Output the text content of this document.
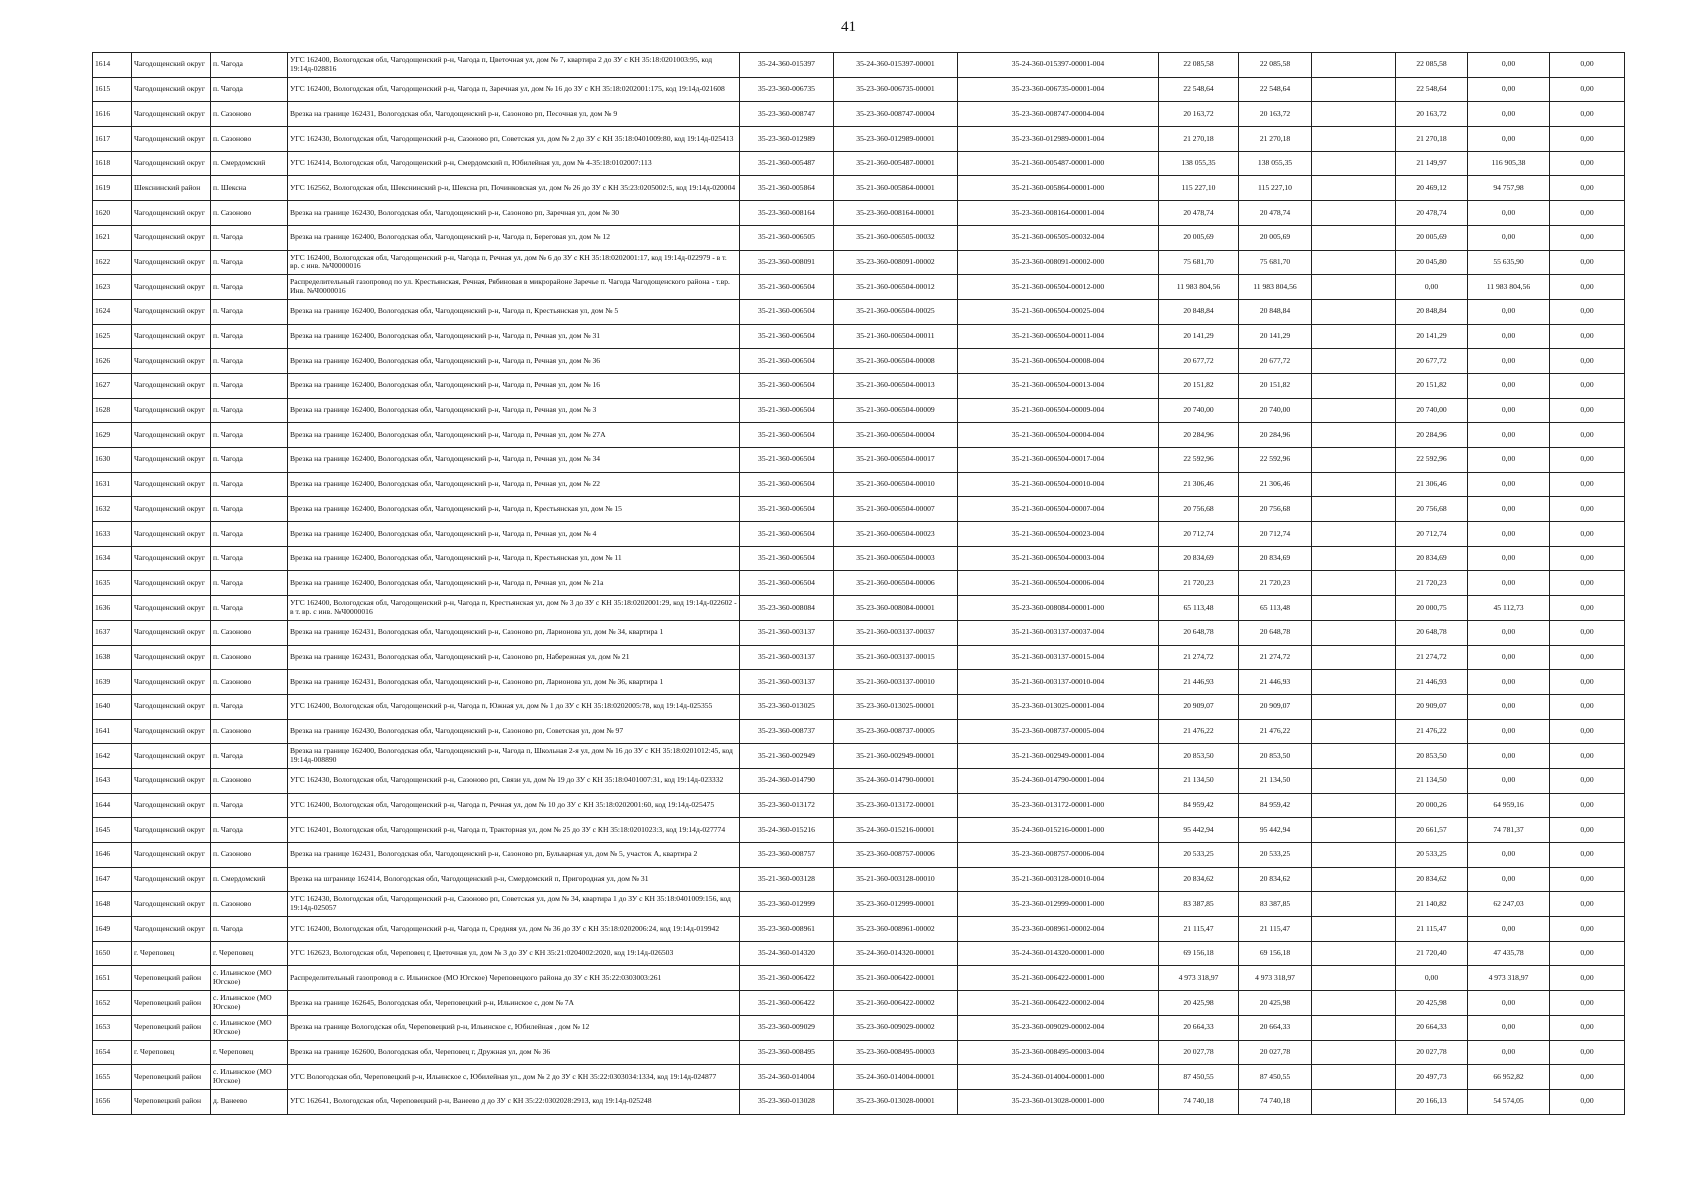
41
1614	Чагодощенский округ	п. Чагода	УГС 162400, Вологодская обл, Чагодощенский р-н, Чагода п, Цветочная ул, дом № 7, квартира 2 до ЗУ с КН 35:18:0201003:95, код 19:14д-028816	35-24-360-015397	35-24-360-015397-00001	35-24-360-015397-00001-004	22 085,58	22 085,58		22 085,58	0,00	0,00
1615	Чагодощенский округ	п. Чагода	УГС 162400, Вологодская обл, Чагодощенский р-н, Чагода п, Заречная ул, дом № 16 до ЗУ с КН 35:18:0202001:175, код 19:14д-021608	35-23-360-006735	35-23-360-006735-00001	35-23-360-006735-00001-004	22 548,64	22 548,64		22 548,64	0,00	0,00
1616	Чагодощенский округ	п. Сазоново	Врезка на границе 162431, Вологодская обл, Чагодощенский р-н, Сазоново рп, Песочная ул, дом № 9	35-23-360-008747	35-23-360-008747-00004	35-23-360-008747-00004-004	20 163,72	20 163,72		20 163,72	0,00	0,00
1617	Чагодощенский округ	п. Сазоново	УГС 162430, Вологодская обл, Чагодощенский р-н, Сазоново рп, Советская ул, дом № 2 до ЗУ с КН 35:18:0401009:80, код 19:14д-025413	35-23-360-012989	35-23-360-012989-00001	35-23-360-012989-00001-004	21 270,18	21 270,18		21 270,18	0,00	0,00
1618	Чагодощенский округ	п. Смердомский	УГС 162414, Вологодская обл, Чагодощенский р-н, Смердомский п, Юбилейная ул, дом № 4-35:18:0102007:113	35-21-360-005487	35-21-360-005487-00001	35-21-360-005487-00001-000	138 055,35	138 055,35		21 149,97	116 905,38	0,00
1619	Шекснинский район	п. Шексна	УГС 162562, Вологодская обл, Шекснинский р-н, Шексна рп, Починковская ул, дом № 26 до ЗУ с КН 35:23:0205002:5, код 19:14д-020004	35-21-360-005864	35-21-360-005864-00001	35-21-360-005864-00001-000	115 227,10	115 227,10		20 469,12	94 757,98	0,00
1620	Чагодощенский округ	п. Сазоново	Врезка на границе 162430, Вологодская обл, Чагодощенский р-н, Сазоново рп, Заречная ул, дом № 30	35-23-360-008164	35-23-360-008164-00001	35-23-360-008164-00001-004	20 478,74	20 478,74		20 478,74	0,00	0,00
1621	Чагодощенский округ	п. Чагода	Врезка на границе 162400, Вологодская обл, Чагодощенский р-н, Чагода п, Береговая ул, дом № 12	35-21-360-006505	35-21-360-006505-00032	35-21-360-006505-00032-004	20 005,69	20 005,69		20 005,69	0,00	0,00
1622	Чагодощенский округ	п. Чагода	УГС 162400, Вологодская обл, Чагодощенский р-н, Чагода п, Речная ул, дом № 6 до ЗУ с КН 35:18:0202001:17, код 19:14д-022979 - в т. вр. с инв. №Ч0000016	35-23-360-008091	35-23-360-008091-00002	35-23-360-008091-00002-000	75 681,70	75 681,70		20 045,80	55 635,90	0,00
1623	Чагодощенский округ	п. Чагода	Распределительный газопровод по ул. Крестьянская, Речная, Рябиновая в микрорайоне Заречье п. Чагода Чагодощенского района - т.вр. Инв. №Ч0000016	35-21-360-006504	35-21-360-006504-00012	35-21-360-006504-00012-000	11 983 804,56	11 983 804,56		0,00	11 983 804,56	0,00
1624	Чагодощенский округ	п. Чагода	Врезка на границе 162400, Вологодская обл, Чагодощенский р-н, Чагода п, Крестьянская ул, дом № 5	35-21-360-006504	35-21-360-006504-00025	35-21-360-006504-00025-004	20 848,84	20 848,84		20 848,84	0,00	0,00
1625	Чагодощенский округ	п. Чагода	Врезка на границе 162400, Вологодская обл, Чагодощенский р-н, Чагода п, Речная ул, дом № 31	35-21-360-006504	35-21-360-006504-00011	35-21-360-006504-00011-004	20 141,29	20 141,29		20 141,29	0,00	0,00
1626	Чагодощенский округ	п. Чагода	Врезка на границе 162400, Вологодская обл, Чагодощенский р-н, Чагода п, Речная ул, дом № 36	35-21-360-006504	35-21-360-006504-00008	35-21-360-006504-00008-004	20 677,72	20 677,72		20 677,72	0,00	0,00
1627	Чагодощенский округ	п. Чагода	Врезка на границе 162400, Вологодская обл, Чагодощенский р-н, Чагода п, Речная ул, дом № 16	35-21-360-006504	35-21-360-006504-00013	35-21-360-006504-00013-004	20 151,82	20 151,82		20 151,82	0,00	0,00
1628	Чагодощенский округ	п. Чагода	Врезка на границе 162400, Вологодская обл, Чагодощенский р-н, Чагода п, Речная ул, дом № 3	35-21-360-006504	35-21-360-006504-00009	35-21-360-006504-00009-004	20 740,00	20 740,00		20 740,00	0,00	0,00
1629	Чагодощенский округ	п. Чагода	Врезка на границе 162400, Вологодская обл, Чагодощенский р-н, Чагода п, Речная ул, дом № 27А	35-21-360-006504	35-21-360-006504-00004	35-21-360-006504-00004-004	20 284,96	20 284,96		20 284,96	0,00	0,00
1630	Чагодощенский округ	п. Чагода	Врезка на границе 162400, Вологодская обл, Чагодощенский р-н, Чагода п, Речная ул, дом № 34	35-21-360-006504	35-21-360-006504-00017	35-21-360-006504-00017-004	22 592,96	22 592,96		22 592,96	0,00	0,00
1631	Чагодощенский округ	п. Чагода	Врезка на границе 162400, Вологодская обл, Чагодощенский р-н, Чагода п, Речная ул, дом № 22	35-21-360-006504	35-21-360-006504-00010	35-21-360-006504-00010-004	21 306,46	21 306,46		21 306,46	0,00	0,00
1632	Чагодощенский округ	п. Чагода	Врезка на границе 162400, Вологодская обл, Чагодощенский р-н, Чагода п, Крестьянская ул, дом № 15	35-21-360-006504	35-21-360-006504-00007	35-21-360-006504-00007-004	20 756,68	20 756,68		20 756,68	0,00	0,00
1633	Чагодощенский округ	п. Чагода	Врезка на границе 162400, Вологодская обл, Чагодощенский р-н, Чагода п, Речная ул, дом № 4	35-21-360-006504	35-21-360-006504-00023	35-21-360-006504-00023-004	20 712,74	20 712,74		20 712,74	0,00	0,00
1634	Чагодощенский округ	п. Чагода	Врезка на границе 162400, Вологодская обл, Чагодощенский р-н, Чагода п, Крестьянская ул, дом № 11	35-21-360-006504	35-21-360-006504-00003	35-21-360-006504-00003-004	20 834,69	20 834,69		20 834,69	0,00	0,00
1635	Чагодощенский округ	п. Чагода	Врезка на границе 162400, Вологодская обл, Чагодощенский р-н, Чагода п, Речная ул, дом № 21а	35-21-360-006504	35-21-360-006504-00006	35-21-360-006504-00006-004	21 720,23	21 720,23		21 720,23	0,00	0,00
1636	Чагодощенский округ	п. Чагода	УГС 162400, Вологодская обл, Чагодощенский р-н, Чагода п, Крестьянская ул, дом № 3 до ЗУ с КН 35:18:0202001:29, код 19:14д-022602 - в т. вр. с инв. №Ч0000016	35-23-360-008084	35-23-360-008084-00001	35-23-360-008084-00001-000	65 113,48	65 113,48		20 000,75	45 112,73	0,00
1637	Чагодощенский округ	п. Сазоново	Врезка на границе 162431, Вологодская обл, Чагодощенский р-н, Сазоново рп, Ларионова ул, дом № 34, квартира 1	35-21-360-003137	35-21-360-003137-00037	35-21-360-003137-00037-004	20 648,78	20 648,78		20 648,78	0,00	0,00
1638	Чагодощенский округ	п. Сазоново	Врезка на границе 162431, Вологодская обл, Чагодощенский р-н, Сазоново рп, Набережная ул, дом № 21	35-21-360-003137	35-21-360-003137-00015	35-21-360-003137-00015-004	21 274,72	21 274,72		21 274,72	0,00	0,00
1639	Чагодощенский округ	п. Сазоново	Врезка на границе 162431, Вологодская обл, Чагодощенский р-н, Сазоново рп, Ларионова ул, дом № 36, квартира 1	35-21-360-003137	35-21-360-003137-00010	35-21-360-003137-00010-004	21 446,93	21 446,93		21 446,93	0,00	0,00
1640	Чагодощенский округ	п. Чагода	УГС 162400, Вологодская обл, Чагодощенский р-н, Чагода п, Южная ул, дом № 1 до ЗУ с КН 35:18:0202005:78, код 19:14д-025355	35-23-360-013025	35-23-360-013025-00001	35-23-360-013025-00001-004	20 909,07	20 909,07		20 909,07	0,00	0,00
1641	Чагодощенский округ	п. Сазоново	Врезка на границе 162430, Вологодская обл, Чагодощенский р-н, Сазоново рп, Советская ул, дом № 97	35-23-360-008737	35-23-360-008737-00005	35-23-360-008737-00005-004	21 476,22	21 476,22		21 476,22	0,00	0,00
1642	Чагодощенский округ	п. Чагода	Врезка на границе 162400, Вологодская обл, Чагодощенский р-н, Чагода п, Школьная 2-я ул, дом № 16 до ЗУ с КН 35:18:0201012:45, код 19:14д-008890	35-21-360-002949	35-21-360-002949-00001	35-21-360-002949-00001-004	20 853,50	20 853,50		20 853,50	0,00	0,00
1643	Чагодощенский округ	п. Сазоново	УГС 162430, Вологодская обл, Чагодощенский р-н, Сазоново рп, Связи ул, дом № 19 до ЗУ с КН 35:18:0401007:31, код 19:14д-023332	35-24-360-014790	35-24-360-014790-00001	35-24-360-014790-00001-004	21 134,50	21 134,50		21 134,50	0,00	0,00
1644	Чагодощенский округ	п. Чагода	УГС 162400, Вологодская обл, Чагодощенский р-н, Чагода п, Речная ул, дом № 10 до ЗУ с КН 35:18:0202001:60, код 19:14д-025475	35-23-360-013172	35-23-360-013172-00001	35-23-360-013172-00001-000	84 959,42	84 959,42		20 000,26	64 959,16	0,00
1645	Чагодощенский округ	п. Чагода	УГС 162401, Вологодская обл, Чагодощенский р-н, Чагода п, Тракторная ул, дом № 25 до ЗУ с КН 35:18:0201023:3, код 19:14д-027774	35-24-360-015216	35-24-360-015216-00001	35-24-360-015216-00001-000	95 442,94	95 442,94		20 661,57	74 781,37	0,00
1646	Чагодощенский округ	п. Сазоново	Врезка на границе 162431, Вологодская обл, Чагодощенский р-н, Сазоново рп, Бульварная ул, дом № 5, участок А, квартира 2	35-23-360-008757	35-23-360-008757-00006	35-23-360-008757-00006-004	20 533,25	20 533,25		20 533,25	0,00	0,00
1647	Чагодощенский округ	п. Смердомский	Врезка на шгранице 162414, Вологодская обл, Чагодощенский р-н, Смердомский п, Пригородная ул, дом № 31	35-21-360-003128	35-21-360-003128-00010	35-21-360-003128-00010-004	20 834,62	20 834,62		20 834,62	0,00	0,00
1648	Чагодощенский округ	п. Сазоново	УГС 162430, Вологодская обл, Чагодощенский р-н, Сазоново рп, Советская ул, дом № 34, квартира 1 до ЗУ с КН 35:18:0401009:156, код 19:14д-025057	35-23-360-012999	35-23-360-012999-00001	35-23-360-012999-00001-000	83 387,85	83 387,85		21 140,82	62 247,03	0,00
1649	Чагодощенский округ	п. Чагода	УГС 162400, Вологодская обл, Чагодощенский р-н, Чагода п, Средняя ул, дом № 36 до ЗУ с КН 35:18:0202006:24, код 19:14д-019942	35-23-360-008961	35-23-360-008961-00002	35-23-360-008961-00002-004	21 115,47	21 115,47		21 115,47	0,00	0,00
1650	г. Череповец	г. Череповец	УГС 162623, Вологодская обл, Череповец г, Цветочная ул, дом № 3 до ЗУ с КН 35:21:0204002:2020, код 19:14д-026503	35-24-360-014320	35-24-360-014320-00001	35-24-360-014320-00001-000	69 156,18	69 156,18		21 720,40	47 435,78	0,00
1651	Череповецкий район	с. Ильинское (МО Югское)	Распределительный газопровод в с. Ильинское (МО Югское) Череповецкого района до ЗУ с КН 35:22:0303003:261	35-21-360-006422	35-21-360-006422-00001	35-21-360-006422-00001-000	4 973 318,97	4 973 318,97		0,00	4 973 318,97	0,00
1652	Череповецкий район	с. Ильинское (МО Югское)	Врезка на границе 162645, Вологодская обл, Череповецкий р-н, Ильинское с, дом № 7А	35-21-360-006422	35-21-360-006422-00002	35-21-360-006422-00002-004	20 425,98	20 425,98		20 425,98	0,00	0,00
1653	Череповецкий район	с. Ильинское (МО Югское)	Врезка на границе Вологодская обл, Череповецкий р-н, Ильинское с, Юбилейная , дом № 12	35-23-360-009029	35-23-360-009029-00002	35-23-360-009029-00002-004	20 664,33	20 664,33		20 664,33	0,00	0,00
1654	г. Череповец	г. Череповец	Врезка на границе 162600, Вологодская обл, Череповец г, Дружная ул, дом № 36	35-23-360-008495	35-23-360-008495-00003	35-23-360-008495-00003-004	20 027,78	20 027,78		20 027,78	0,00	0,00
1655	Череповецкий район	с. Ильинское (МО Югское)	УГС Вологодская обл, Череповецкий р-н, Ильинское с, Юбилейная ул., дом № 2 до ЗУ с КН 35:22:0303034:1334, код 19:14д-024877	35-24-360-014004	35-24-360-014004-00001	35-24-360-014004-00001-000	87 450,55	87 450,55		20 497,73	66 952,82	0,00
1656	Череповецкий район	д. Ванеево	УГС 162641, Вологодская обл, Череповецкий р-н, Ванеево д до ЗУ с КН 35:22:0302028:2913, код 19:14д-025248	35-23-360-013028	35-23-360-013028-00001	35-23-360-013028-00001-000	74 740,18	74 740,18		20 166,13	54 574,05	0,00
